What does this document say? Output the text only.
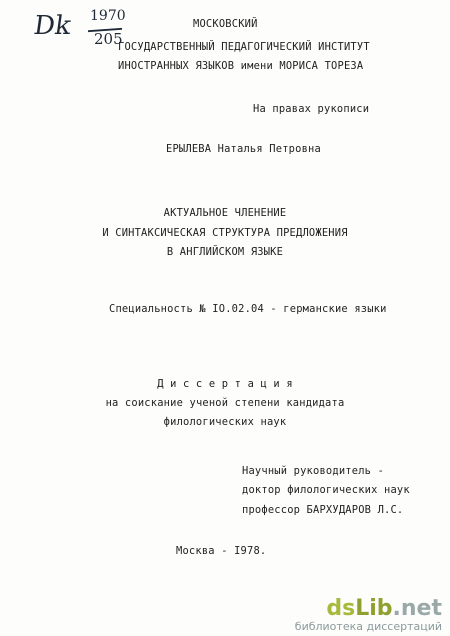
Dk 1970
205
МОСКОВСКИЙ
ГОСУДАРСТВЕННЫЙ ПЕДАГОГИЧЕСКИЙ ИНСТИТУТ
ИНОСТРАННЫХ ЯЗЫКОВ имени МОРИСА ТОРЕЗА
На правах рукописи
ЕРЫЛЕВА Наталья Петровна
АКТУАЛЬНОЕ ЧЛЕНЕНИЕ
И СИНТАКСИЧЕСКАЯ СТРУКТУРА ПРЕДЛОЖЕНИЯ
В АНГЛИЙСКОМ ЯЗЫКЕ
Специальность № IO.02.04 - германские языки
Д и с с е р т а ц и я
на соискание ученой степени кандидата
филологических наук
Научный руководитель -
доктор филологических наук
профессор БАРХУДАРОВ Л.С.
Москва - I978.
dsLib.net
библиотека диссертаций
